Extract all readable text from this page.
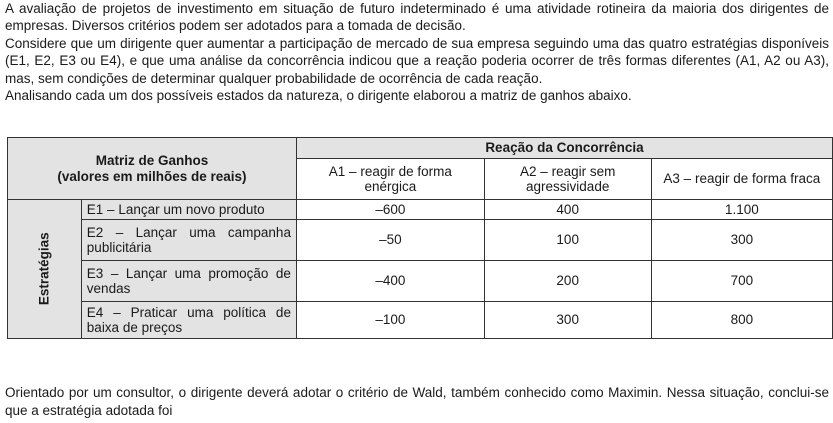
A avaliação de projetos de investimento em situação de futuro indeterminado é uma atividade rotineira da maioria dos dirigentes de empresas. Diversos critérios podem ser adotados para a tomada de decisão.

Considere que um dirigente quer aumentar a participação de mercado de sua empresa seguindo uma das quatro estratégias disponíveis (E1, E2, E3 ou E4), e que uma análise da concorrência indicou que a reação poderia ocorrer de três formas diferentes (A1, A2 ou A3), mas, sem condições de determinar qualquer probabilidade de ocorrência de cada reação.

Analisando cada um dos possíveis estados da natureza, o dirigente elaborou a matriz de ganhos abaixo.

Matriz de Ganhos
(valores em milhões de reais)		Reação da Concorrência		
		A1 – reagir de forma enérgica	A2 – reagir sem agressividade	A3 – reagir de forma fraca
Estratégias	E1 – Lançar um novo produto	–600	400	1.100
	E2 – Lançar uma campanha publicitária	–50	100	300
	E3 – Lançar uma promoção de vendas	–400	200	700
	E4 – Praticar uma política de baixa de preços	–100	300	800

Orientado por um consultor, o dirigente deverá adotar o critério de Wald, também conhecido como Maximin. Nessa situação, conclui-se que a estratégia adotada foi
